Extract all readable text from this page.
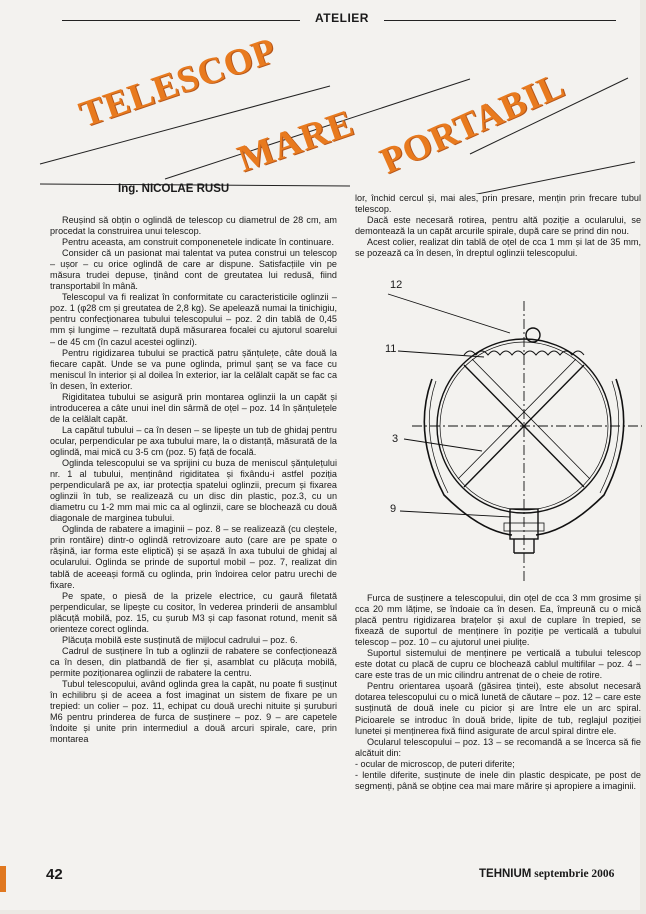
ATELIER
TELESCOP
MARE PORTABIL
Ing. NICOLAE RUSU

Reușind să obțin o oglindă de telescop cu diametrul de 28 cm, am procedat la construirea unui telescop.

Pentru aceasta, am construit componenetele indicate în continuare.

Consider că un pasionat mai talentat va putea construi un telescop – ușor – cu orice oglindă de care ar dispune. Satisfacțiile vin pe măsura trudei depuse, ținând cont de greutatea lui redusă, fiind transportabil în mână.

Telescopul va fi realizat în conformitate cu caracteristicile oglinzii – poz. 1 (φ28 cm și greutatea de 2,8 kg). Se apelează numai la tinichigiu, pentru confecționarea tubului telescopului – poz. 2 din tablă de 0,45 mm și lungime – rezultată după măsurarea focalei cu ajutorul soarelui – de 45 cm (în cazul acestei oglinzi).

Pentru rigidizarea tubului se practică patru șănțulețe, câte două la fiecare capăt. Unde se va pune oglinda, primul șanț se va face cu meniscul în interior și al doilea în exterior, iar la celălalt capăt se fac ca în desen, în exterior.

Rigiditatea tubului se asigură prin montarea oglinzii la un capăt și introducerea a câte unui inel din sârmă de oțel – poz. 14 în șănțulețele de la celălalt capăt.

La capătul tubului – ca în desen – se lipește un tub de ghidaj pentru ocular, perpendicular pe axa tubului mare, la o distanță, măsurată de la oglindă, mai mică cu 3-5 cm (poz. 5) față de focală.

Oglinda telescopului se va sprijini cu buza de meniscul șănțulețului nr. 1 al tubului, menținând rigiditatea și fixându-i astfel poziția perpendiculară pe ax, iar protecția spatelui oglinzii, precum și fixarea oglinzii în tub, se realizează cu un disc din plastic, poz.3, cu un diametru cu 1-2 mm mai mic ca al oglinzii, care se blochează cu două diagonale de marginea tubului.

Oglinda de rabatere a imaginii – poz. 8 – se realizează (cu cleștele, prin rontăire) dintr-o oglindă retrovizoare auto (care are pe spate o rășină, iar forma este eliptică) și se așază în axa tubului de ghidaj al ocularului. Oglinda se prinde de suportul mobil – poz. 7, realizat din tablă de aceeași formă cu oglinda, prin îndoirea celor patru urechi de fixare.

Pe spate, o piesă de la prizele electrice, cu gaură filetată perpendicular, se lipește cu cositor, în vederea prinderii de ansamblul plăcuță mobilă, poz. 15, cu șurub M3 și cap fasonat rotund, menit să orienteze corect oglinda.

Plăcuța mobilă este susținută de mijlocul cadrului – poz. 6.

Cadrul de susținere în tub a oglinzii de rabatere se confecționează ca în desen, din platbandă de fier și, asamblat cu plăcuța mobilă, permite poziționarea oglinzii de rabatere la centru.

Tubul telescopului, având oglinda grea la capăt, nu poate fi susținut în echilibru și de aceea a fost imaginat un sistem de fixare pe un trepied: un colier – poz. 11, echipat cu două urechi nituite și șuruburi M6 pentru prinderea de furca de susținere – poz. 9 – are capetele îndoite și unite prin intermediul a două arcuri spirale, care, prin montarea

lor, închid cercul și, mai ales, prin presare, mențin prin frecare tubul telescop.

Dacă este necesară rotirea, pentru altă poziție a ocularului, se demontează la un capăt arcurile spirale, după care se prind din nou.

Acest colier, realizat din tablă de oțel de cca 1 mm și lat de 35 mm, se pozează ca în desen, în dreptul oglinzii telescopului.

12
11
3
9

Furca de susținere a telescopului, din oțel de cca 3 mm grosime și cca 20 mm lățime, se îndoaie ca în desen. Ea, împreună cu o mică placă pentru rigidizarea brațelor și axul de cuplare în trepied, se fixează de suportul de menținere în poziție pe verticală a tubului telescop – poz. 10 – cu ajutorul unei piulițe.

Suportul sistemului de menținere pe verticală a tubului telescop este dotat cu placă de cupru ce blochează cablul multifilar – poz. 4 – care este tras de un mic cilindru antrenat de o cheie de rotire.

Pentru orientarea ușoară (găsirea țintei), este absolut necesară dotarea telescopului cu o mică lunetă de căutare – poz. 12 – care este susținută de două inele cu picior și are între ele un arc spiral. Picioarele se introduc în două bride, lipite de tub, reglajul poziției lunetei și menținerea fixă fiind asigurate de arcul spiral dintre ele.

Ocularul telescopului – poz. 13 – se recomandă a se încerca să fie alcătuit din:

- ocular de microscop, de puteri diferite;

- lentile diferite, susținute de inele din plastic despicate, pe post de segmenți, până se obține cea mai mare mărire și apropiere a imaginii.

42	TEHNIUM septembrie 2006
